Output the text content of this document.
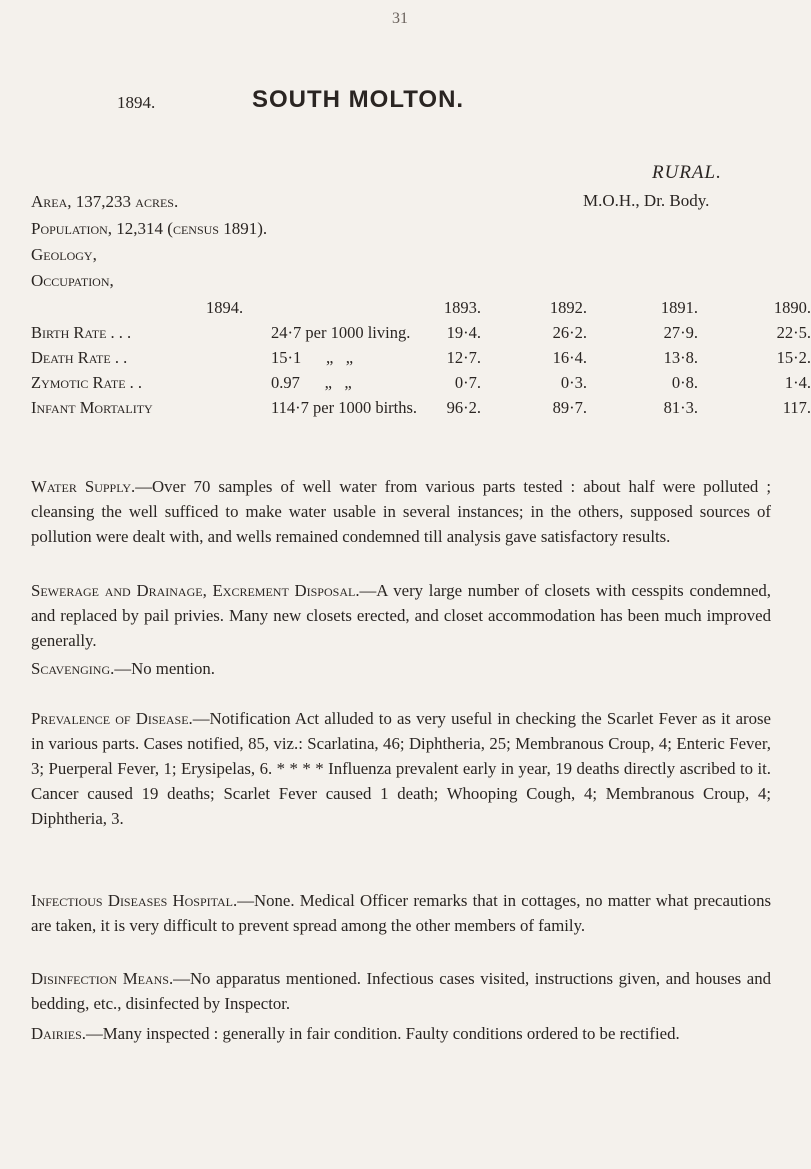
31
1894.	SOUTH MOLTON.
RURAL.
M.O.H., Dr. Body.
Area, 137,233 acres.
Population, 12,314 (census 1891).
Geology,
Occupation,
1894.	1893.	1892.	1891.	1890.
Birth Rate . . .	24·7 per 1000 living.	19·4.	26·2.	27·9.	22·5.
Death Rate . .	15·1      „   „	12·7.	16·4.	13·8.	15·2.
Zymotic Rate . .	0.97      „   „	0·7.	0·3.	0·8.	1·4.
Infant Mortality	114·7 per 1000 births.	96·2.	89·7.	81·3.	117.
Water Supply.—Over 70 samples of well water from various parts tested : about half were polluted ; cleansing the well sufficed to make water usable in several instances; in the others, supposed sources of pollution were dealt with, and wells remained condemned till analysis gave satisfactory results.
Sewerage and Drainage, Excrement Disposal.—A very large number of closets with cesspits condemned, and replaced by pail privies. Many new closets erected, and closet accommodation has been much improved generally.
Scavenging.—No mention.
Prevalence of Disease.—Notification Act alluded to as very useful in checking the Scarlet Fever as it arose in various parts. Cases notified, 85, viz.: Scarlatina, 46; Diphtheria, 25; Membranous Croup, 4; Enteric Fever, 3; Puerperal Fever, 1; Erysipelas, 6. * * * * Influenza prevalent early in year, 19 deaths directly ascribed to it. Cancer caused 19 deaths; Scarlet Fever caused 1 death; Whooping Cough, 4; Membranous Croup, 4; Diphtheria, 3.
Infectious Diseases Hospital.—None. Medical Officer remarks that in cottages, no matter what precautions are taken, it is very difficult to prevent spread among the other members of family.
Disinfection Means.—No apparatus mentioned. Infectious cases visited, instructions given, and houses and bedding, etc., disinfected by Inspector.
Dairies.—Many inspected : generally in fair condition. Faulty conditions ordered to be rectified.
